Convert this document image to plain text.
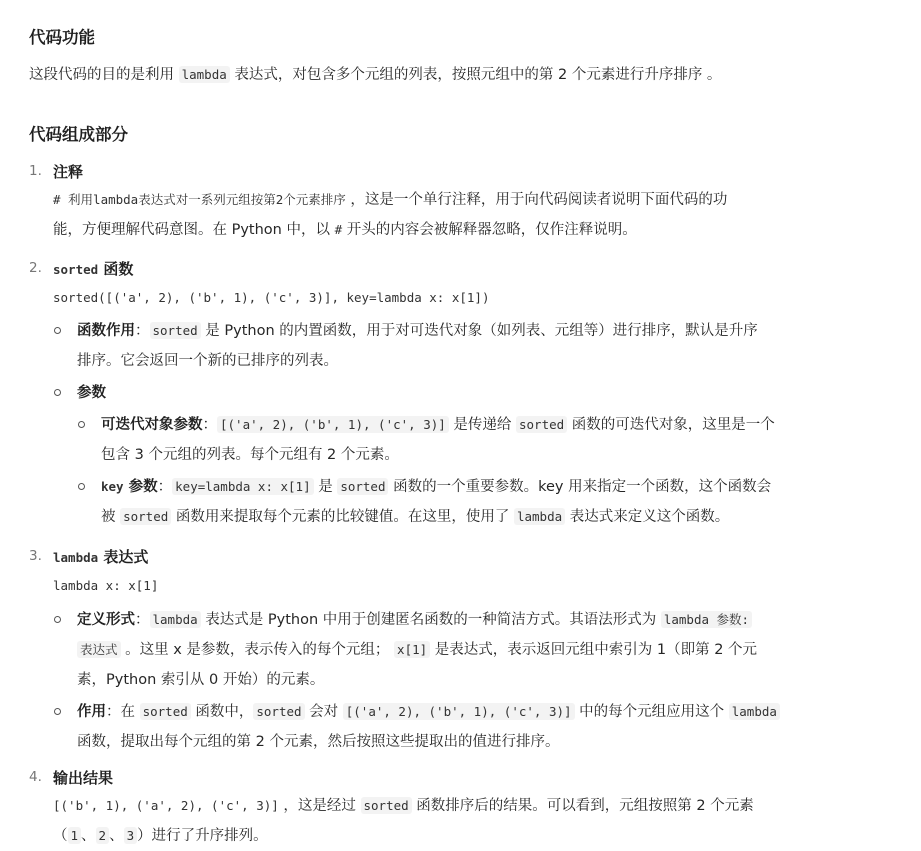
代码功能
这段代码的目的是利用 lambda 表达式，对包含多个元组的列表，按照元组中的第 2 个元素进行升序排序 。
代码组成部分
1. 注释
# 利用lambda表达式对一系列元组按第2个元素排序 ，这是一个单行注释，用于向代码阅读者说明下面代码的功
能，方便理解代码意图。在 Python 中，以 # 开头的内容会被解释器忽略，仅作注释说明。
2. sorted 函数
sorted([('a', 2), ('b', 1), ('c', 3)], key=lambda x: x[1])
函数作用： sorted 是 Python 的内置函数，用于对可迭代对象（如列表、元组等）进行排序，默认是升序
排序。它会返回一个新的已排序的列表。
参数
可迭代对象参数： [('a', 2), ('b', 1), ('c', 3)] 是传递给 sorted 函数的可迭代对象，这里是一个
包含 3 个元组的列表。每个元组有 2 个元素。
key 参数： key=lambda x: x[1] 是 sorted 函数的一个重要参数。key 用来指定一个函数，这个函数会
被 sorted 函数用来提取每个元素的比较键值。在这里，使用了 lambda 表达式来定义这个函数。
3. lambda 表达式
lambda x: x[1]
定义形式： lambda 表达式是 Python 中用于创建匿名函数的一种简洁方式。其语法形式为 lambda 参数:
表达式 。这里 x 是参数，表示传入的每个元组； x[1] 是表达式，表示返回元组中索引为 1（即第 2 个元
素，Python 索引从 0 开始）的元素。
作用：在 sorted 函数中， sorted 会对 [('a', 2), ('b', 1), ('c', 3)] 中的每个元组应用这个 lambda
函数，提取出每个元组的第 2 个元素，然后按照这些提取出的值进行排序。
4. 输出结果
[('b', 1), ('a', 2), ('c', 3)] ，这是经过 sorted 函数排序后的结果。可以看到，元组按照第 2 个元素
（ 1 、 2 、 3 ）进行了升序排列。
